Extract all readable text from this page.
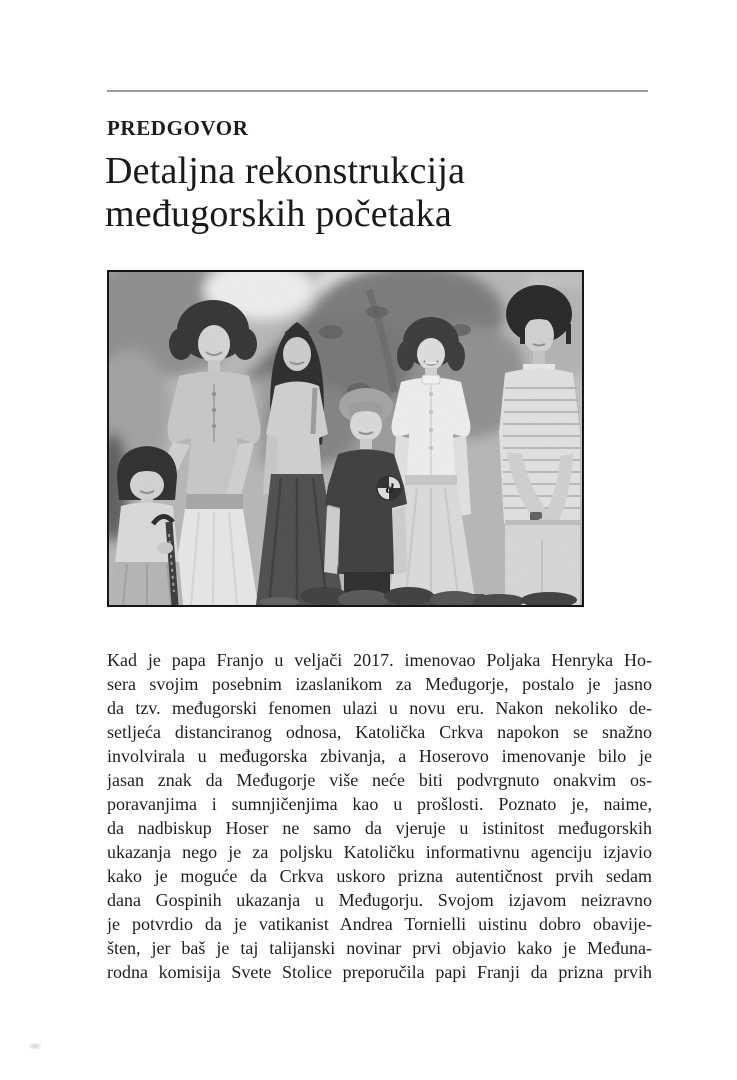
PREDGOVOR
Detaljna rekonstrukcija
međugorskih početaka
d
Kad je papa Franjo u veljači 2017. imenovao Poljaka Henryka Ho-
sera svojim posebnim izaslanikom za Međugorje, postalo je jasno
da tzv. međugorski fenomen ulazi u novu eru. Nakon nekoliko de-
setljeća distanciranog odnosa, Katolička Crkva napokon se snažno
involvirala u međugorska zbivanja, a Hoserovo imenovanje bilo je
jasan znak da Međugorje više neće biti podvrgnuto onakvim os-
poravanjima i sumnjičenjima kao u prošlosti. Poznato je, naime,
da nadbiskup Hoser ne samo da vjeruje u istinitost međugorskih
ukazanja nego je za poljsku Katoličku informativnu agenciju izjavio
kako je moguće da Crkva uskoro prizna autentičnost prvih sedam
dana Gospinih ukazanja u Međugorju. Svojom izjavom neizravno
je potvrdio da je vatikanist Andrea Tornielli uistinu dobro obavije-
šten, jer baš je taj talijanski novinar prvi objavio kako je Međuna-
rodna komisija Svete Stolice preporučila papi Franji da prizna prvih
